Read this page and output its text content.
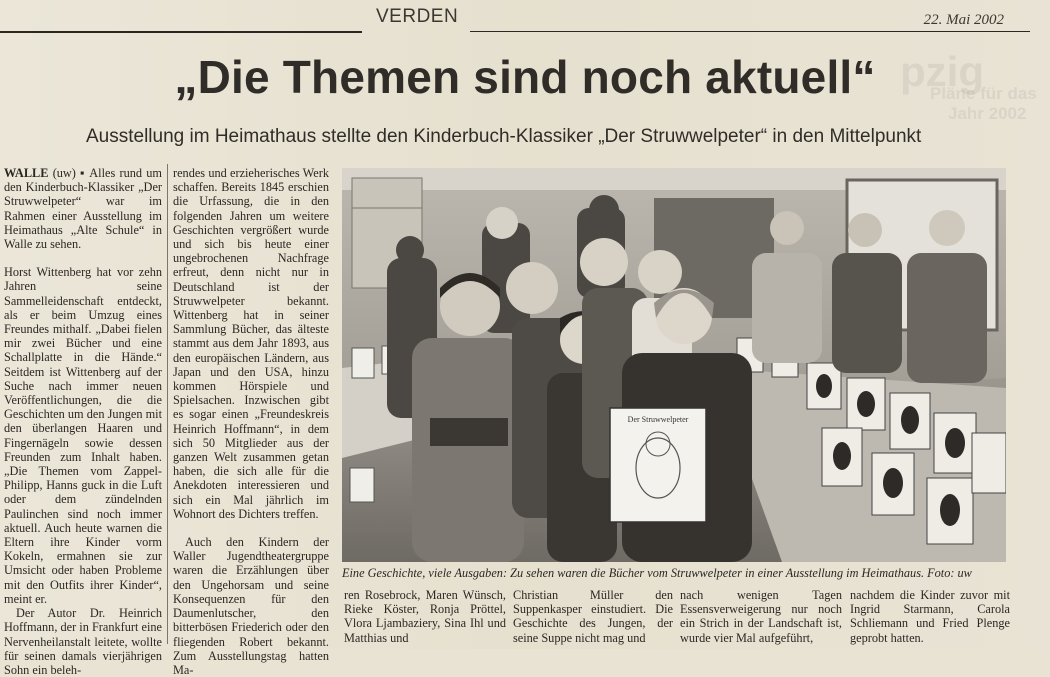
Pläne für das
Jahr 2002
pzig
VERDEN	22. Mai 2002
„Die Themen sind noch aktuell“
Ausstellung im Heimathaus stellte den Kinderbuch-Klassiker „Der Struwwelpeter“ in den Mittelpunkt

WALLE (uw) ▪ Alles rund um den Kinderbuch-Klassiker „Der Struwwelpeter“ war im Rahmen einer Ausstellung im Heimathaus „Alte Schule“ in Walle zu sehen.

Horst Wittenberg hat vor zehn Jahren seine Sammelleidenschaft entdeckt, als er beim Umzug eines Freundes mithalf. „Dabei fielen mir zwei Bücher und eine Schallplatte in die Hände.“ Seitdem ist Wittenberg auf der Suche nach immer neuen Veröffentlichungen, die die Geschichten um den Jungen mit den überlangen Haaren und Fingernägeln sowie dessen Freunden zum Inhalt haben. „Die Themen vom Zappel-Philipp, Hanns guck in die Luft oder dem zündelnden Paulinchen sind noch immer aktuell. Auch heute warnen die Eltern ihre Kinder vorm Kokeln, ermahnen sie zur Umsicht oder haben Probleme mit den Outfits ihrer Kinder“, meint er.

Der Autor Dr. Heinrich Hoffmann, der in Frankfurt eine Nervenheilanstalt leitete, wollte für seinen damals vierjährigen Sohn ein beleh-

rendes und erzieherisches Werk schaffen. Bereits 1845 erschien die Urfassung, die in den folgenden Jahren um weitere Geschichten vergrößert wurde und sich bis heute einer ungebrochenen Nachfrage erfreut, denn nicht nur in Deutschland ist der Struwwelpeter bekannt. Wittenberg hat in seiner Sammlung Bücher, das älteste stammt aus dem Jahr 1893, aus den europäischen Ländern, aus Japan und den USA, hinzu kommen Hörspiele und Spielsachen. Inzwischen gibt es sogar einen „Freundeskreis Heinrich Hoffmann“, in dem sich 50 Mitglieder aus der ganzen Welt zusammen getan haben, die sich alle für die Anekdoten interessieren und sich ein Mal jährlich im Wohnort des Dichters treffen.

Auch den Kindern der Waller Jugendtheatergruppe waren die Erzählungen über den Ungehorsam und seine Konsequenzen für den Daumenlutscher, den bitterbösen Friederich oder den fliegenden Robert bekannt. Zum Ausstellungstag hatten Ma-

Der Struwwelpeter
Eine Geschichte, viele Ausgaben: Zu sehen waren die Bücher vom Struwwelpeter in einer Ausstellung im Heimathaus. Foto: uw
ren Rosebrock, Maren Wünsch, Rieke Köster, Ronja Pröttel, Vlora Ljambaziery, Sina Ihl und Matthias und
Christian Müller den Suppenkasper einstudiert. Die Geschichte des Jungen, der seine Suppe nicht mag und
nach wenigen Tagen Essensverweigerung nur noch ein Strich in der Landschaft ist, wurde vier Mal aufgeführt,
nachdem die Kinder zuvor mit Ingrid Starmann, Carola Schliemann und Fried Plenge geprobt hatten.
